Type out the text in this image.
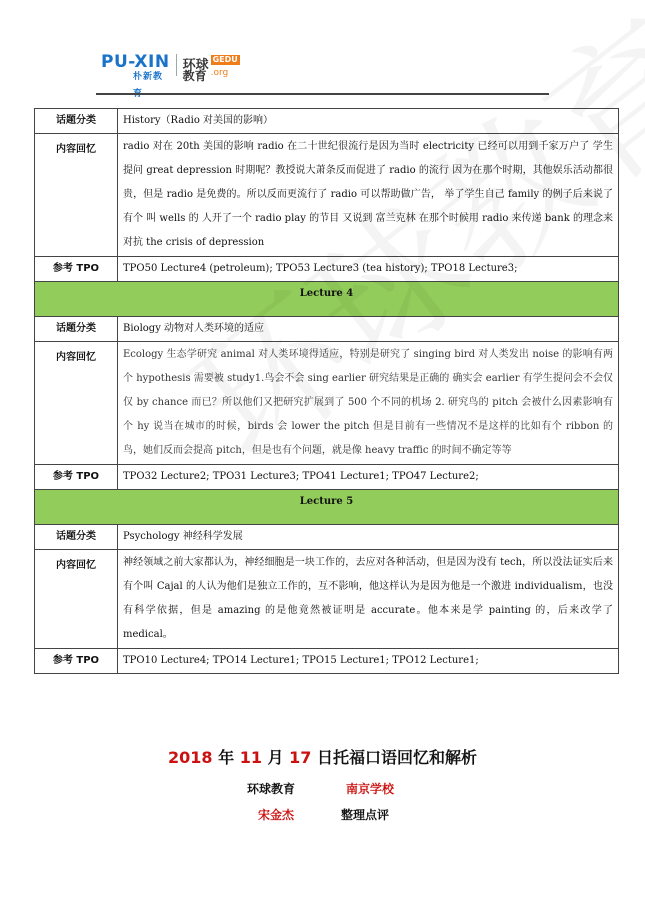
PU-XIN
朴新教
环球 GEDU
教育 .org
话题分类	History（Radio 对美国的影响）
内容回忆	radio 对在 20th 美国的影响 radio 在二十世纪很流行是因为当时 electricity 已经可以用到千家万户了 学生提问 great depression 时期呢？教授说大萧条反而促进了 radio 的流行 因为在那个时期，其他娱乐活动都很贵，但是 radio 是免费的。所以反而更流行了 radio 可以帮助做广告， 举了学生自己 family 的例子后来说了有个 叫 wells 的 人开了一个 radio play 的节目 又说到 富兰克林 在那个时候用 radio 来传递 bank 的理念来对抗 the crisis of depression
参考 TPO	TPO50 Lecture4 (petroleum); TPO53 Lecture3 (tea history); TPO18 Lecture3;
Lecture 4	
话题分类	Biology 动物对人类环境的适应
内容回忆	Ecology 生态学研究 animal 对人类环境得适应，特别是研究了 singing bird 对人类发出 noise 的影响有两个 hypothesis 需要被 study1.鸟会不会 sing earlier 研究结果是正确的 确实会 earlier 有学生提问会不会仅仅 by chance 而已？所以他们又把研究扩展到了 500 个不同的机场 2. 研究鸟的 pitch 会被什么因素影响有个 hy 说当在城市的时候，birds 会 lower the pitch 但是目前有一些情况不是这样的比如有个 ribbon 的鸟，她们反而会提高 pitch，但是也有个问题，就是像 heavy traffic 的时间不确定等等
参考 TPO	TPO32 Lecture2; TPO31 Lecture3; TPO41 Lecture1; TPO47 Lecture2;
Lecture 5	
话题分类	Psychology 神经科学发展
内容回忆	神经领域之前大家都认为，神经细胞是一块工作的，去应对各种活动，但是因为没有 tech，所以没法证实后来有个叫 Cajal 的人认为他们是独立工作的，互不影响，他这样认为是因为他是一个激进 individualism，也没有科学依据，但是 amazing 的是他竟然被证明是 accurate。他本来是学 painting 的，后来改学了 medical。
参考 TPO	TPO10 Lecture4; TPO14 Lecture1; TPO15 Lecture1; TPO12 Lecture1;
2018 年 11 月 17 日托福口语回忆和解析
环球教育	南京学校
宋金杰	整理点评
